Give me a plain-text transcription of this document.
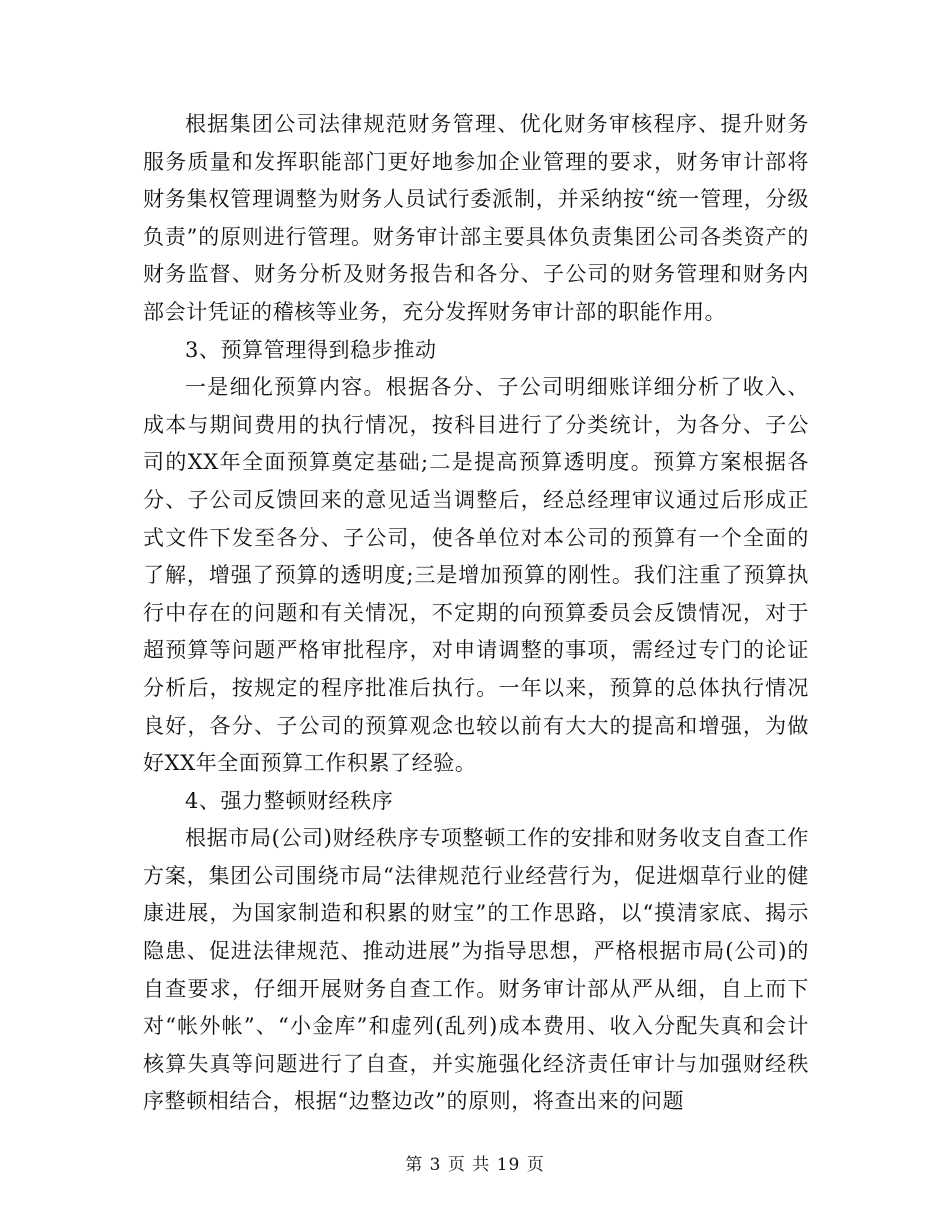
根据集团公司法律规范财务管理、优化财务审核程序、提升财务服务质量和发挥职能部门更好地参加企业管理的要求，财务审计部将财务集权管理调整为财务人员试行委派制，并采纳按“统一管理，分级负责”的原则进行管理。财务审计部主要具体负责集团公司各类资产的财务监督、财务分析及财务报告和各分、子公司的财务管理和财务内部会计凭证的稽核等业务，充分发挥财务审计部的职能作用。

3、预算管理得到稳步推动

一是细化预算内容。根据各分、子公司明细账详细分析了收入、成本与期间费用的执行情况，按科目进行了分类统计，为各分、子公司的XX年全面预算奠定基础;二是提高预算透明度。预算方案根据各分、子公司反馈回来的意见适当调整后，经总经理审议通过后形成正式文件下发至各分、子公司，使各单位对本公司的预算有一个全面的了解，增强了预算的透明度;三是增加预算的刚性。我们注重了预算执行中存在的问题和有关情况，不定期的向预算委员会反馈情况，对于超预算等问题严格审批程序，对申请调整的事项，需经过专门的论证分析后，按规定的程序批准后执行。一年以来，预算的总体执行情况良好，各分、子公司的预算观念也较以前有大大的提高和增强，为做好XX年全面预算工作积累了经验。

4、强力整顿财经秩序

根据市局(公司)财经秩序专项整顿工作的安排和财务收支自查工作方案，集团公司围绕市局“法律规范行业经营行为，促进烟草行业的健康进展，为国家制造和积累的财宝”的工作思路，以“摸清家底、揭示隐患、促进法律规范、推动进展”为指导思想，严格根据市局(公司)的自查要求，仔细开展财务自查工作。财务审计部从严从细，自上而下对“帐外帐”、“小金库”和虚列(乱列)成本费用、收入分配失真和会计核算失真等问题进行了自查，并实施强化经济责任审计与加强财经秩序整顿相结合，根据“边整边改”的原则，将查出来的问题

第 3 页 共 19 页
